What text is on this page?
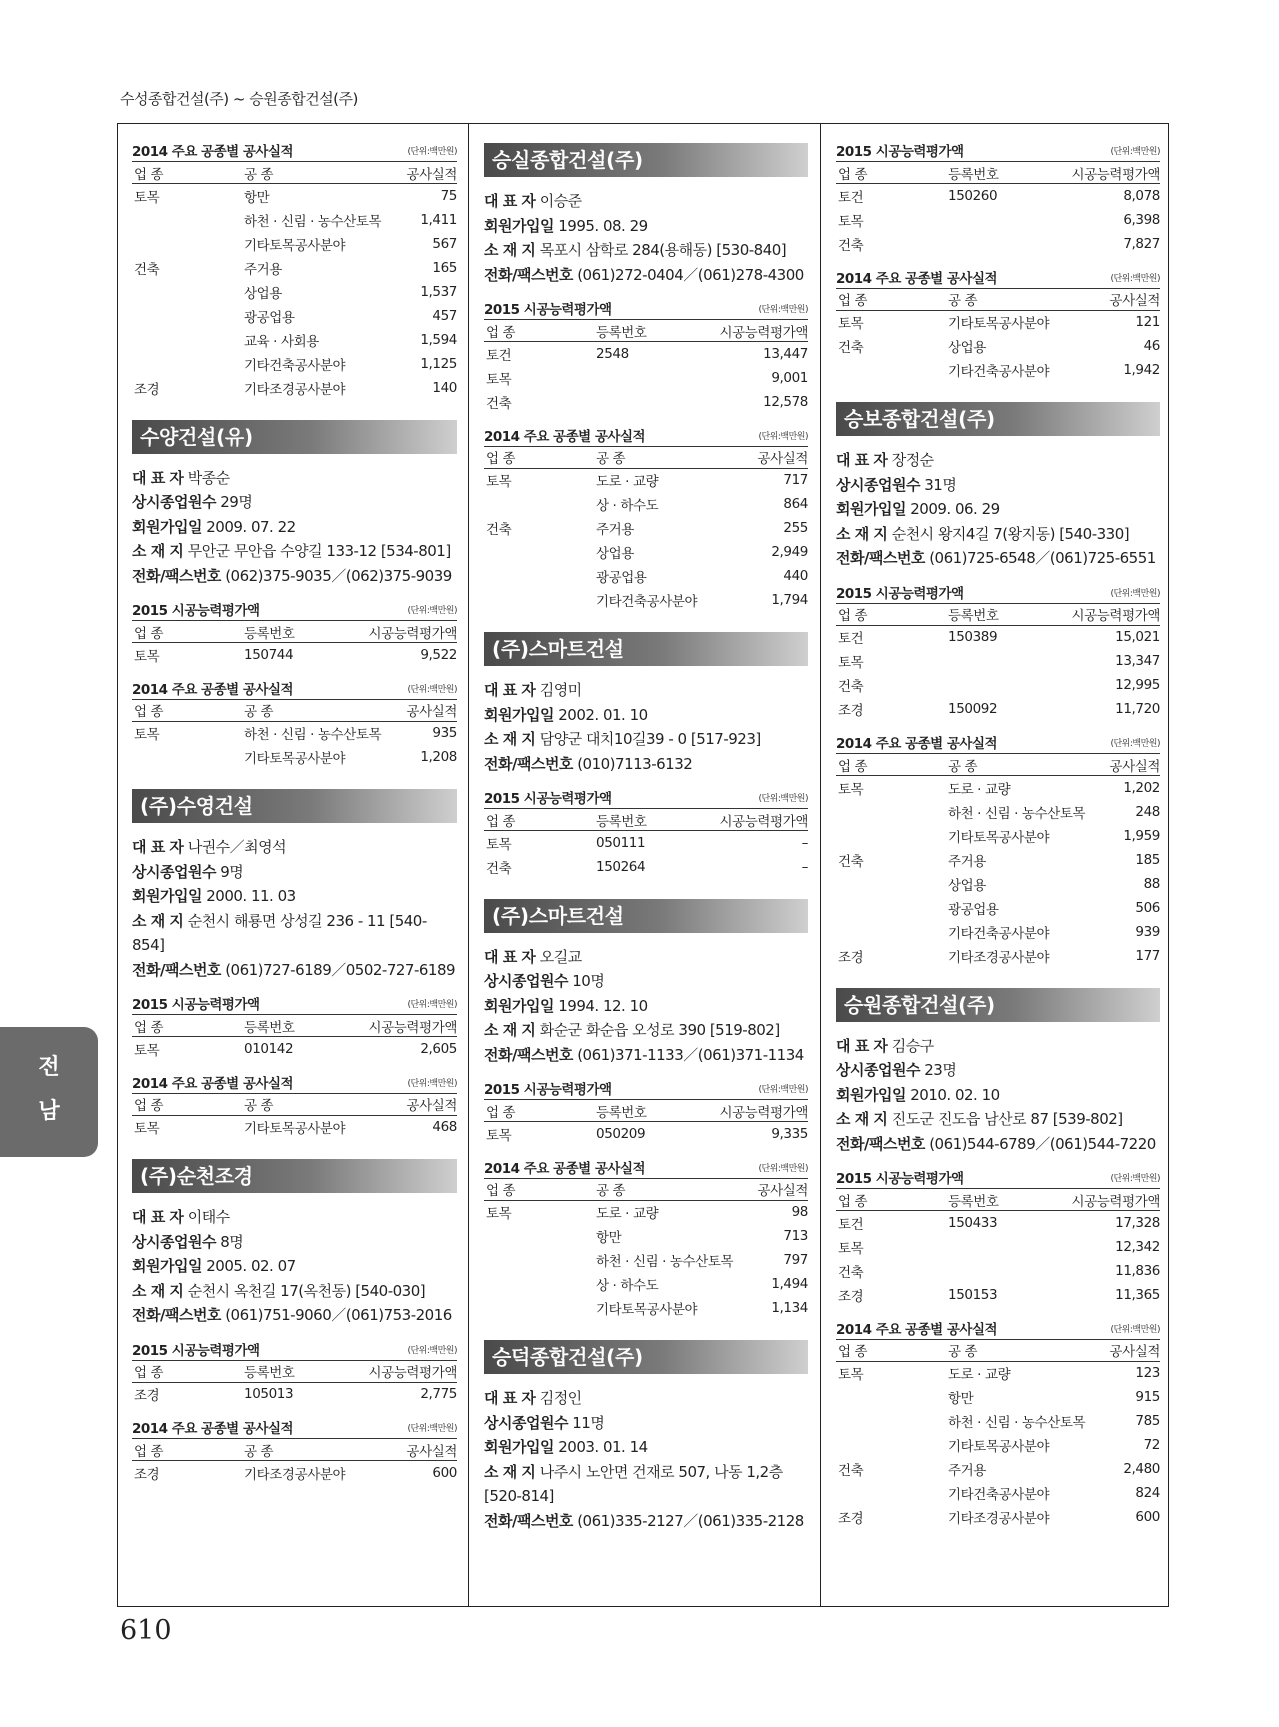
수성종합건설(주) ~ 승원종합건설(주)
2014 주요 공종별 공사실적	(단위:백만원)
업 종	공 종	공사실적
토목	항만	75
	하천 · 신림 · 농수산토목	1,411
	기타토목공사분야	567
건축	주거용	165
	상업용	1,537
	광공업용	457
	교육 · 사회용	1,594
	기타건축공사분야	1,125
조경	기타조경공사분야	140
수양건설(유)
대 표 자 박종순
상시종업원수 29명
회원가입일 2009. 07. 22
소 재 지 무안군 무안읍 수양길 133-12 [534-801]
전화/팩스번호 (062)375-9035／(062)375-9039
2015 시공능력평가액	(단위:백만원)
업 종	등록번호	시공능력평가액
토목	150744	9,522
2014 주요 공종별 공사실적	(단위:백만원)
업 종	공 종	공사실적
토목	하천 · 신림 · 농수산토목	935
	기타토목공사분야	1,208
(주)수영건설
대 표 자 나권수／최영석
상시종업원수 9명
회원가입일 2000. 11. 03
소 재 지 순천시 해룡면 상성길 236 - 11 [540-854]
전화/팩스번호 (061)727-6189／0502-727-6189
2015 시공능력평가액	(단위:백만원)
업 종	등록번호	시공능력평가액
토목	010142	2,605
2014 주요 공종별 공사실적	(단위:백만원)
업 종	공 종	공사실적
토목	기타토목공사분야	468
(주)순천조경
대 표 자 이태수
상시종업원수 8명
회원가입일 2005. 02. 07
소 재 지 순천시 옥천길 17(옥천동) [540-030]
전화/팩스번호 (061)751-9060／(061)753-2016
2015 시공능력평가액	(단위:백만원)
업 종	등록번호	시공능력평가액
조경	105013	2,775
2014 주요 공종별 공사실적	(단위:백만원)
업 종	공 종	공사실적
조경	기타조경공사분야	600
승실종합건설(주)
대 표 자 이승준
회원가입일 1995. 08. 29
소 재 지 목포시 삼학로 284(용해동) [530-840]
전화/팩스번호 (061)272-0404／(061)278-4300
2015 시공능력평가액	(단위:백만원)
업 종	등록번호	시공능력평가액
토건	2548	13,447
토목		9,001
건축		12,578
2014 주요 공종별 공사실적	(단위:백만원)
업 종	공 종	공사실적
토목	도로 · 교량	717
	상 · 하수도	864
건축	주거용	255
	상업용	2,949
	광공업용	440
	기타건축공사분야	1,794
(주)스마트건설
대 표 자 김영미
회원가입일 2002. 01. 10
소 재 지 담양군 대치10길39 - 0 [517-923]
전화/팩스번호 (010)7113-6132
2015 시공능력평가액	(단위:백만원)
업 종	등록번호	시공능력평가액
토목	050111	–
건축	150264	–
(주)스마트건설
대 표 자 오길교
상시종업원수 10명
회원가입일 1994. 12. 10
소 재 지 화순군 화순읍 오성로 390 [519-802]
전화/팩스번호 (061)371-1133／(061)371-1134
2015 시공능력평가액	(단위:백만원)
업 종	등록번호	시공능력평가액
토목	050209	9,335
2014 주요 공종별 공사실적	(단위:백만원)
업 종	공 종	공사실적
토목	도로 · 교량	98
	항만	713
	하천 · 신림 · 농수산토목	797
	상 · 하수도	1,494
	기타토목공사분야	1,134
승덕종합건설(주)
대 표 자 김정인
상시종업원수 11명
회원가입일 2003. 01. 14
소 재 지 나주시 노안면 건재로 507, 나동 1,2층 [520-814]
전화/팩스번호 (061)335-2127／(061)335-2128
2015 시공능력평가액	(단위:백만원)
업 종	등록번호	시공능력평가액
토건	150260	8,078
토목		6,398
건축		7,827
2014 주요 공종별 공사실적	(단위:백만원)
업 종	공 종	공사실적
토목	기타토목공사분야	121
건축	상업용	46
	기타건축공사분야	1,942
승보종합건설(주)
대 표 자 장정순
상시종업원수 31명
회원가입일 2009. 06. 29
소 재 지 순천시 왕지4길 7(왕지동) [540-330]
전화/팩스번호 (061)725-6548／(061)725-6551
2015 시공능력평가액	(단위:백만원)
업 종	등록번호	시공능력평가액
토건	150389	15,021
토목		13,347
건축		12,995
조경	150092	11,720
2014 주요 공종별 공사실적	(단위:백만원)
업 종	공 종	공사실적
토목	도로 · 교량	1,202
	하천 · 신림 · 농수산토목	248
	기타토목공사분야	1,959
건축	주거용	185
	상업용	88
	광공업용	506
	기타건축공사분야	939
조경	기타조경공사분야	177
승원종합건설(주)
대 표 자 김승구
상시종업원수 23명
회원가입일 2010. 02. 10
소 재 지 진도군 진도읍 남산로 87 [539-802]
전화/팩스번호 (061)544-6789／(061)544-7220
2015 시공능력평가액	(단위:백만원)
업 종	등록번호	시공능력평가액
토건	150433	17,328
토목		12,342
건축		11,836
조경	150153	11,365
2014 주요 공종별 공사실적	(단위:백만원)
업 종	공 종	공사실적
토목	도로 · 교량	123
	항만	915
	하천 · 신림 · 농수산토목	785
	기타토목공사분야	72
건축	주거용	2,480
	기타건축공사분야	824
조경	기타조경공사분야	600
전
남
610
